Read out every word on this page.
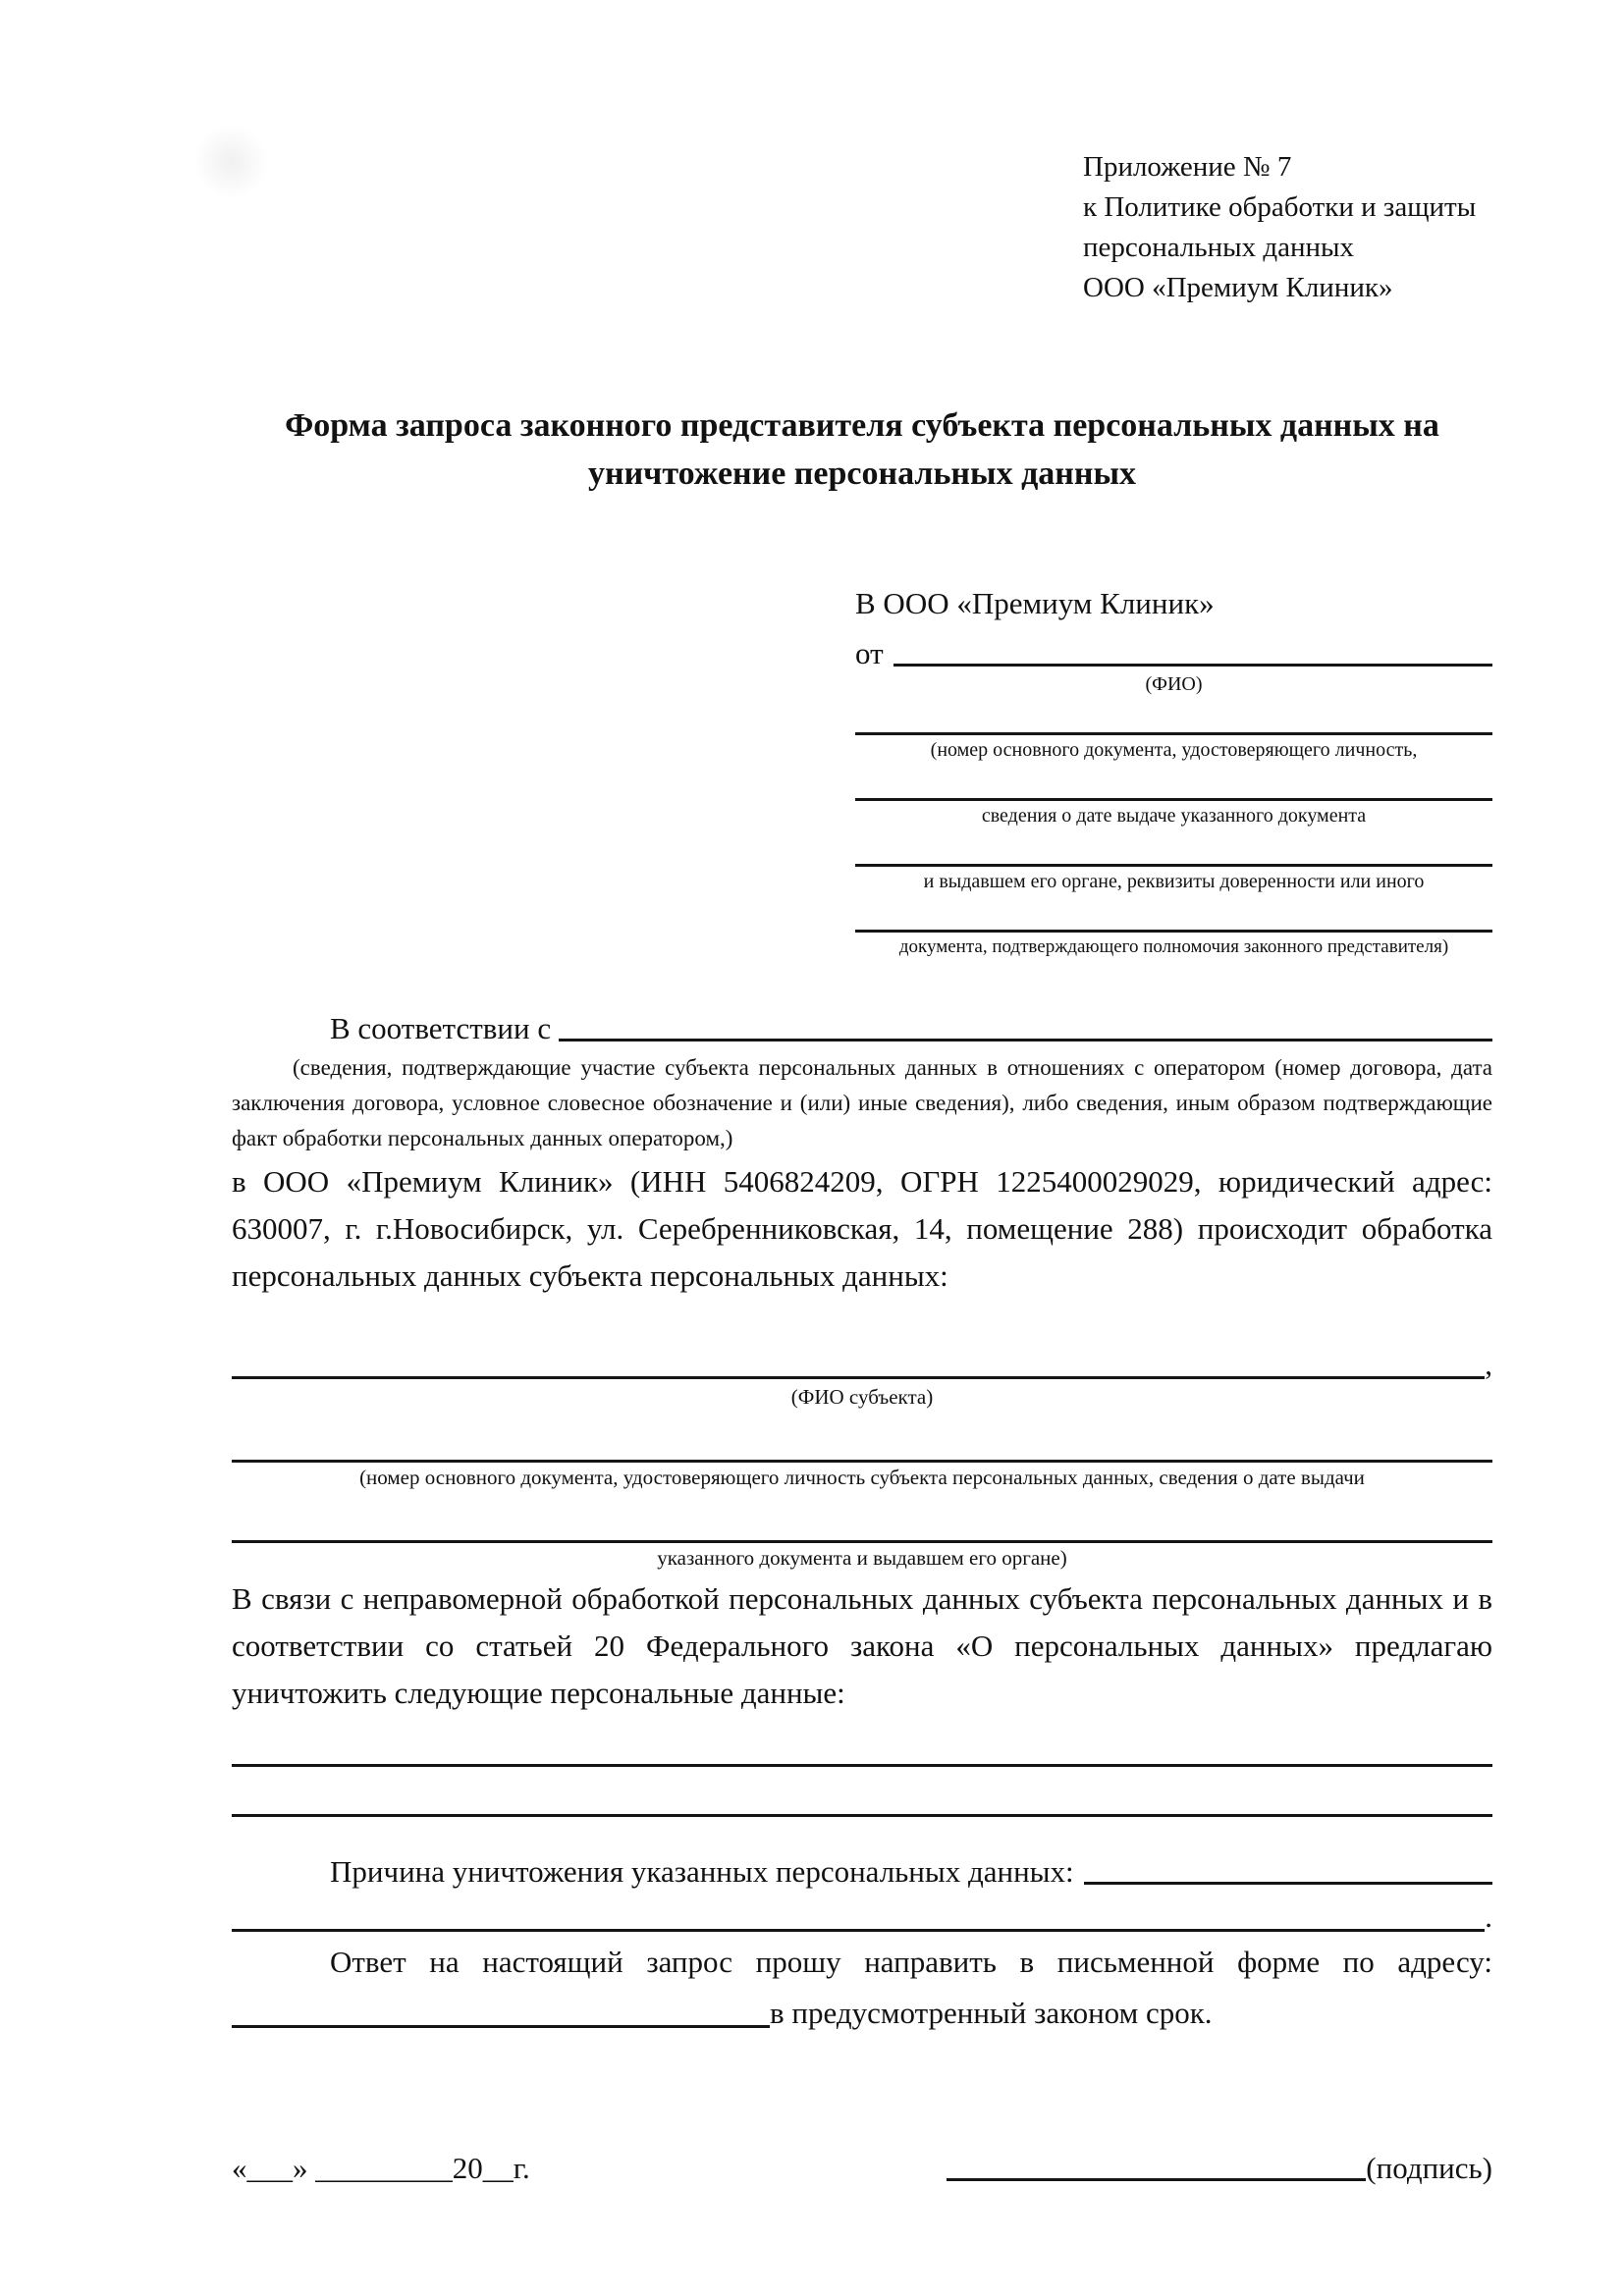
Приложение № 7
к Политике обработки и защиты
персональных данных
ООО «Премиум Клиник»
Форма запроса законного представителя субъекта персональных данных на уничтожение персональных данных
В ООО «Премиум Клиник»
от
(ФИО)
(номер основного документа, удостоверяющего личность,
сведения о дате выдаче указанного документа
и выдавшем его органе, реквизиты доверенности или иного
документа, подтверждающего полномочия законного представителя)
В соответствии с

(сведения, подтверждающие участие субъекта персональных данных в отношениях с оператором (номер договора, дата заключения договора, условное словесное обозначение и (или) иные сведения), либо сведения, иным образом подтверждающие факт обработки персональных данных оператором,)

в ООО «Премиум Клиник» (ИНН 5406824209, ОГРН 1225400029029, юридический адрес: 630007, г. г.Новосибирск, ул. Серебренниковская, 14, помещение 288) происходит обработка персональных данных субъекта персональных данных:

,
(ФИО субъекта)
(номер основного документа, удостоверяющего личность субъекта персональных данных, сведения о дате выдачи
указанного документа и выдавшем его органе)

В связи с неправомерной обработкой персональных данных субъекта персональных данных и в соответствии со статьей 20 Федерального закона «О персональных данных» предлагаю уничтожить следующие персональные данные:

Причина уничтожения указанных персональных данных:
.

Ответ на настоящий запрос прошу направить в письменной форме по адресу:

в предусмотренный законом срок.
«___» _________20__г.	(подпись)
